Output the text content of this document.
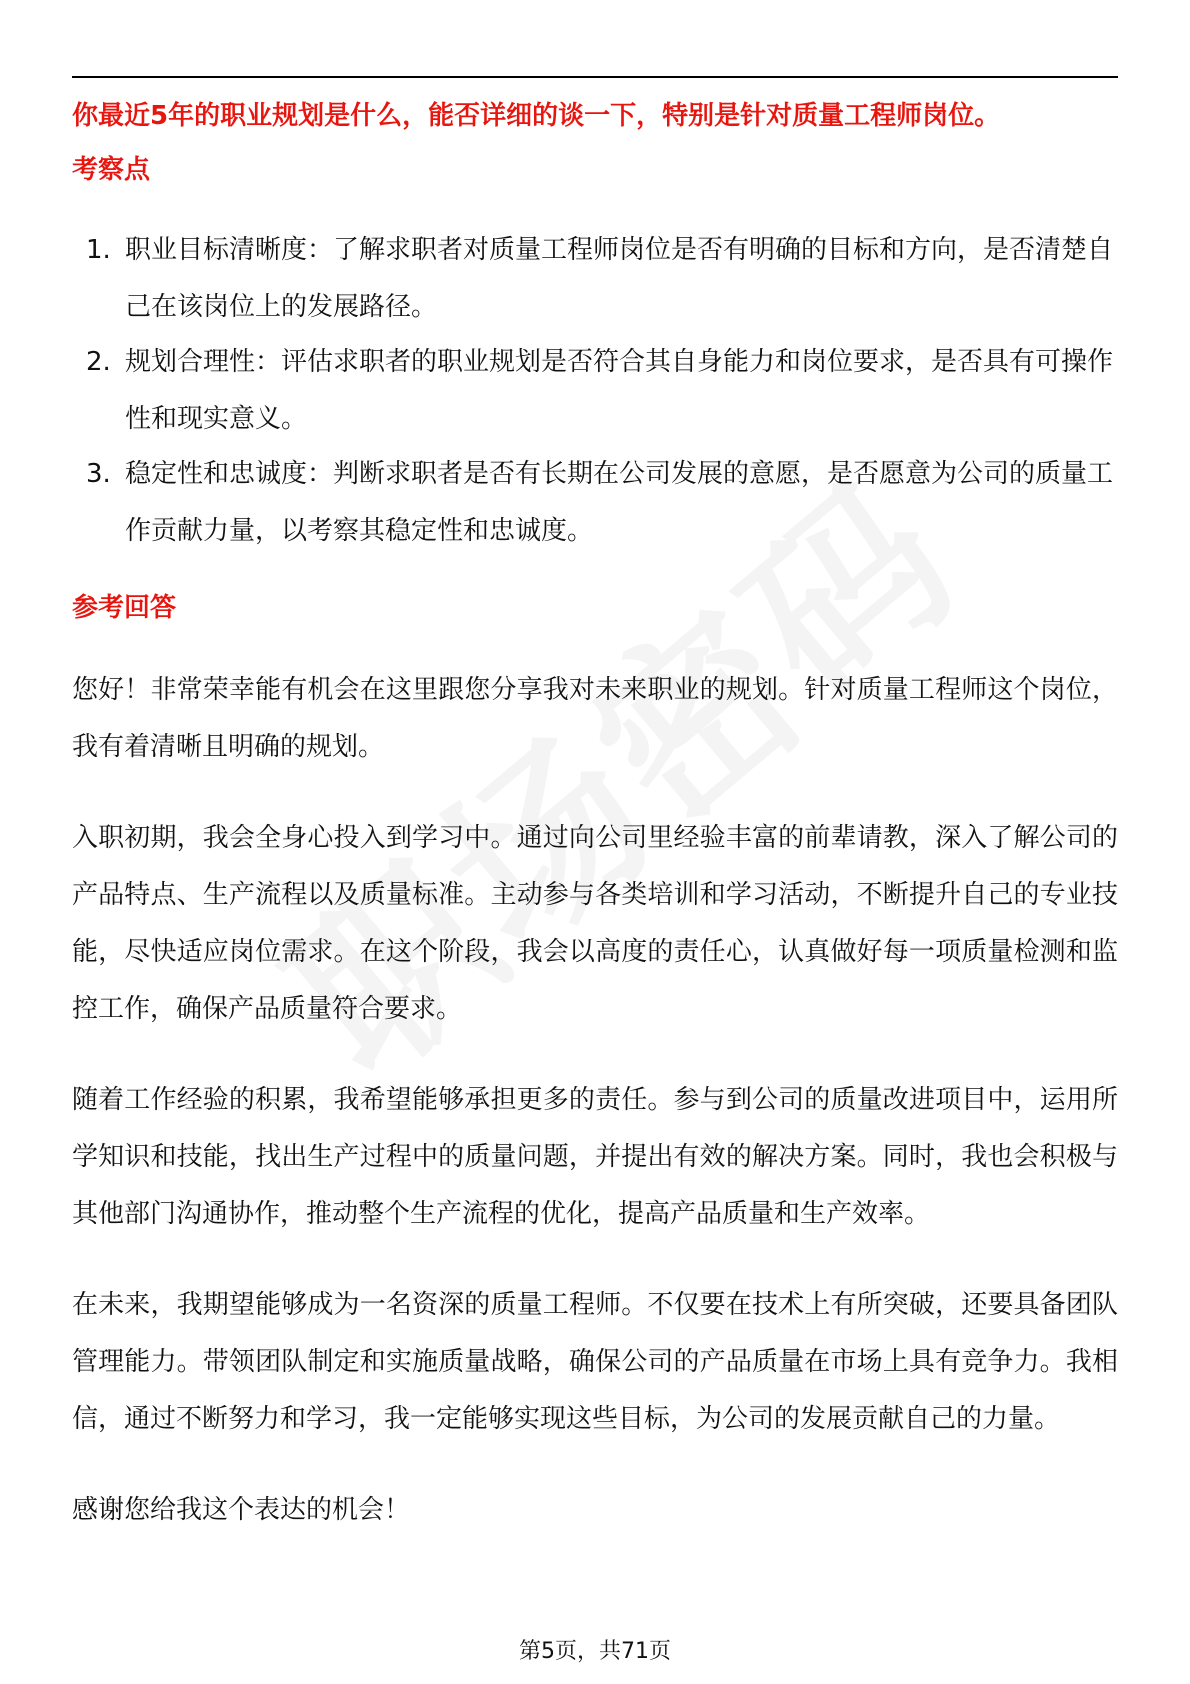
你最近5年的职业规划是什么，能否详细的谈一下，特别是针对质量工程师岗位。

考察点

1. 职业目标清晰度：了解求职者对质量工程师岗位是否有明确的目标和方向，是否清楚自己在该岗位上的发展路径。
2. 规划合理性：评估求职者的职业规划是否符合其自身能力和岗位要求，是否具有可操作性和现实意义。
3. 稳定性和忠诚度：判断求职者是否有长期在公司发展的意愿，是否愿意为公司的质量工作贡献力量，以考察其稳定性和忠诚度。

参考回答

您好！非常荣幸能有机会在这里跟您分享我对未来职业的规划。针对质量工程师这个岗位，我有着清晰且明确的规划。

入职初期，我会全身心投入到学习中。通过向公司里经验丰富的前辈请教，深入了解公司的产品特点、生产流程以及质量标准。主动参与各类培训和学习活动，不断提升自己的专业技能，尽快适应岗位需求。在这个阶段，我会以高度的责任心，认真做好每一项质量检测和监控工作，确保产品质量符合要求。

随着工作经验的积累，我希望能够承担更多的责任。参与到公司的质量改进项目中，运用所学知识和技能，找出生产过程中的质量问题，并提出有效的解决方案。同时，我也会积极与其他部门沟通协作，推动整个生产流程的优化，提高产品质量和生产效率。

在未来，我期望能够成为一名资深的质量工程师。不仅要在技术上有所突破，还要具备团队管理能力。带领团队制定和实施质量战略，确保公司的产品质量在市场上具有竞争力。我相信，通过不断努力和学习，我一定能够实现这些目标，为公司的发展贡献自己的力量。

感谢您给我这个表达的机会！

第5页，共71页
